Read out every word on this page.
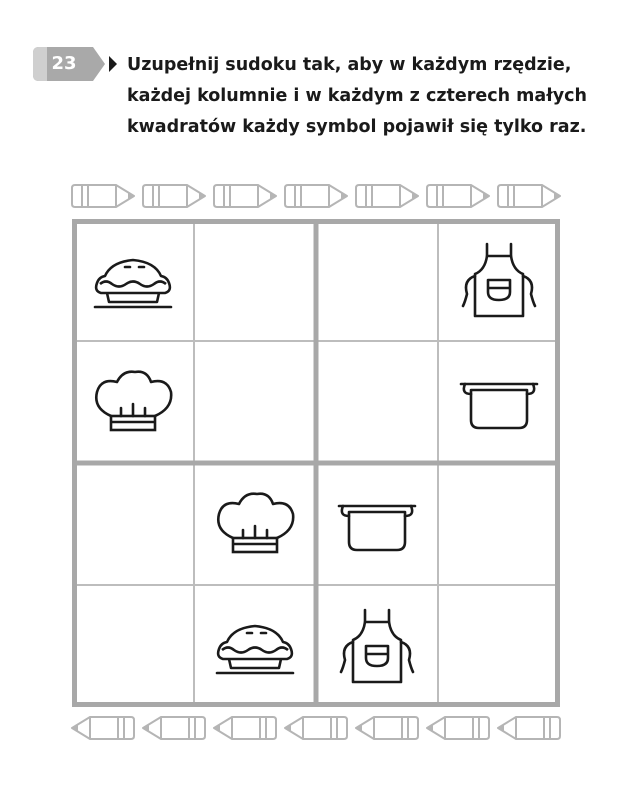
23	Uzupełnij sudoku tak, aby w każdym rzędzie,
każdej kolumnie i w każdym z czterech małych
kwadratów każdy symbol pojawił się tylko raz.
